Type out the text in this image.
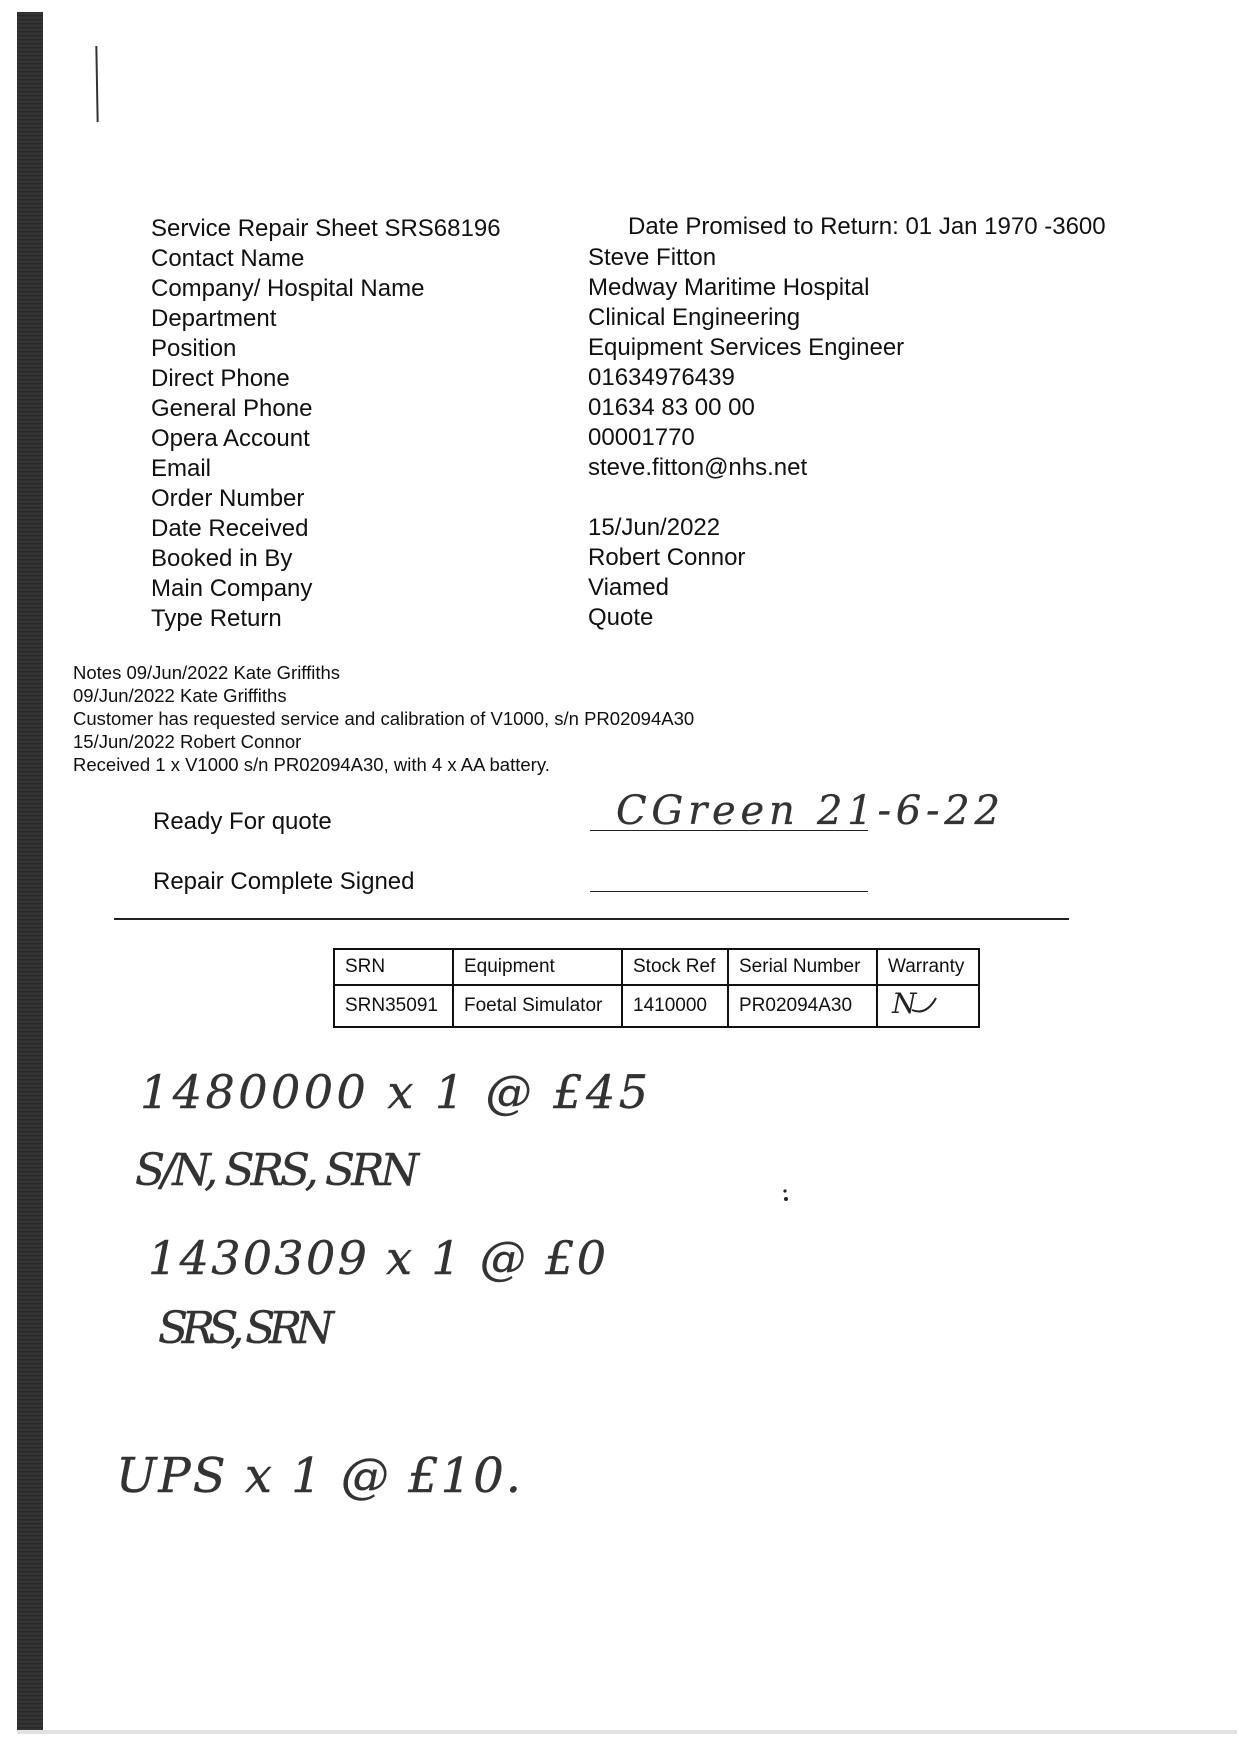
Service Repair Sheet SRS68196	Date Promised to Return: 01 Jan 1970 -3600
Contact Name	Steve Fitton
Company/ Hospital Name	Medway Maritime Hospital
Department	Clinical Engineering
Position	Equipment Services Engineer
Direct Phone	01634976439
General Phone	01634 83 00 00
Opera Account	00001770
Email	steve.fitton@nhs.net
Order Number
Date Received	15/Jun/2022
Booked in By	Robert Connor
Main Company	Viamed
Type Return	Quote
Notes 09/Jun/2022 Kate Griffiths
09/Jun/2022 Kate Griffiths
Customer has requested service and calibration of V1000, s/n PR02094A30
15/Jun/2022 Robert Connor
Received 1 x V1000 s/n PR02094A30, with 4 x AA battery.
Ready For quote	CGreen 21-6-22
Repair Complete Signed
SRN	Equipment	Stock Ref	Serial Number	Warranty
SRN35091	Foetal Simulator	1410000	PR02094A30	N
1480000 x 1 @ £45
S/N, SRS, SRN
1430309 x 1 @ £0
SRS, SRN
UPS x 1 @ £10.
